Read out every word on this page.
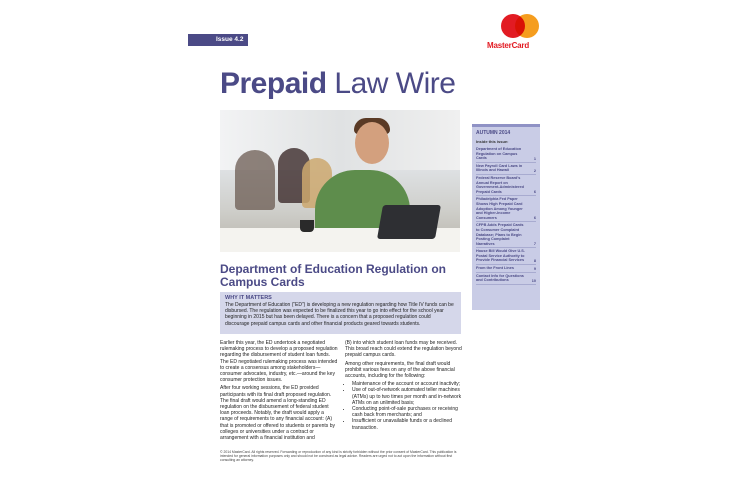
Issue 4.2
MasterCard
Prepaid Law Wire
AUTUMN 2014
Inside this issue:
Department of Education Regulation on Campus Cards	1
New Payroll Card Laws in Illinois and Hawaii	2
Federal Reserve Board's Annual Report on Government-Administered Prepaid Cards	6
Philadelphia Fed Paper Shows High Prepaid Card Adoption Among Younger and Higher-Income Consumers	6
CFPB Adds Prepaid Cards to Consumer Complaint Database; Plans to Begin Posting Complaint Narratives	7
House Bill Would Give U.S. Postal Service Authority to Provide Financial Services	8
From the Front Lines	9
Contact Info for Questions and Contributions	10
Department of Education Regulation on Campus Cards
WHY IT MATTERS
The Department of Education (“ED”) is developing a new regulation regarding how Title IV funds can be disbursed. The regulation was expected to be finalized this year to go into effect for the school year beginning in 2015 but has been delayed. There is a concern that a proposed regulation could discourage prepaid campus cards and other financial products geared towards students.

Earlier this year, the ED undertook a negotiated rulemaking process to develop a proposed regulation regarding the disbursement of student loan funds. The ED negotiated rulemaking process was intended to create a consensus among stakeholders—consumer advocates, industry, etc.—around the key consumer protection issues.

After four working sessions, the ED provided participants with its final draft proposed regulation. The final draft would amend a long-standing ED regulation on the disbursement of federal student loan proceeds. Notably, the draft would apply a range of requirements to any financial account: (A) that is promoted or offered to students or parents by colleges or universities under a contract or arrangement with a financial institution and

(B) into which student loan funds may be received. This broad reach could extend the regulation beyond prepaid campus cards.

Among other requirements, the final draft would prohibit various fees on any of the above financial accounts, including for the following:

• Maintenance of the account or account inactivity;
• Use of out-of-network automated teller machines (ATMs) up to two times per month and in-network ATMs on an unlimited basis;
• Conducting point-of-sale purchases or receiving cash back from merchants; and
• Insufficient or unavailable funds or a declined transaction.
© 2014 MasterCard. All rights reserved. Forwarding or reproduction of any kind is strictly forbidden without the prior consent of MasterCard. This publication is intended for general information purposes only and should not be construed as legal advice. Readers are urged not to act upon the information without first consulting an attorney.
